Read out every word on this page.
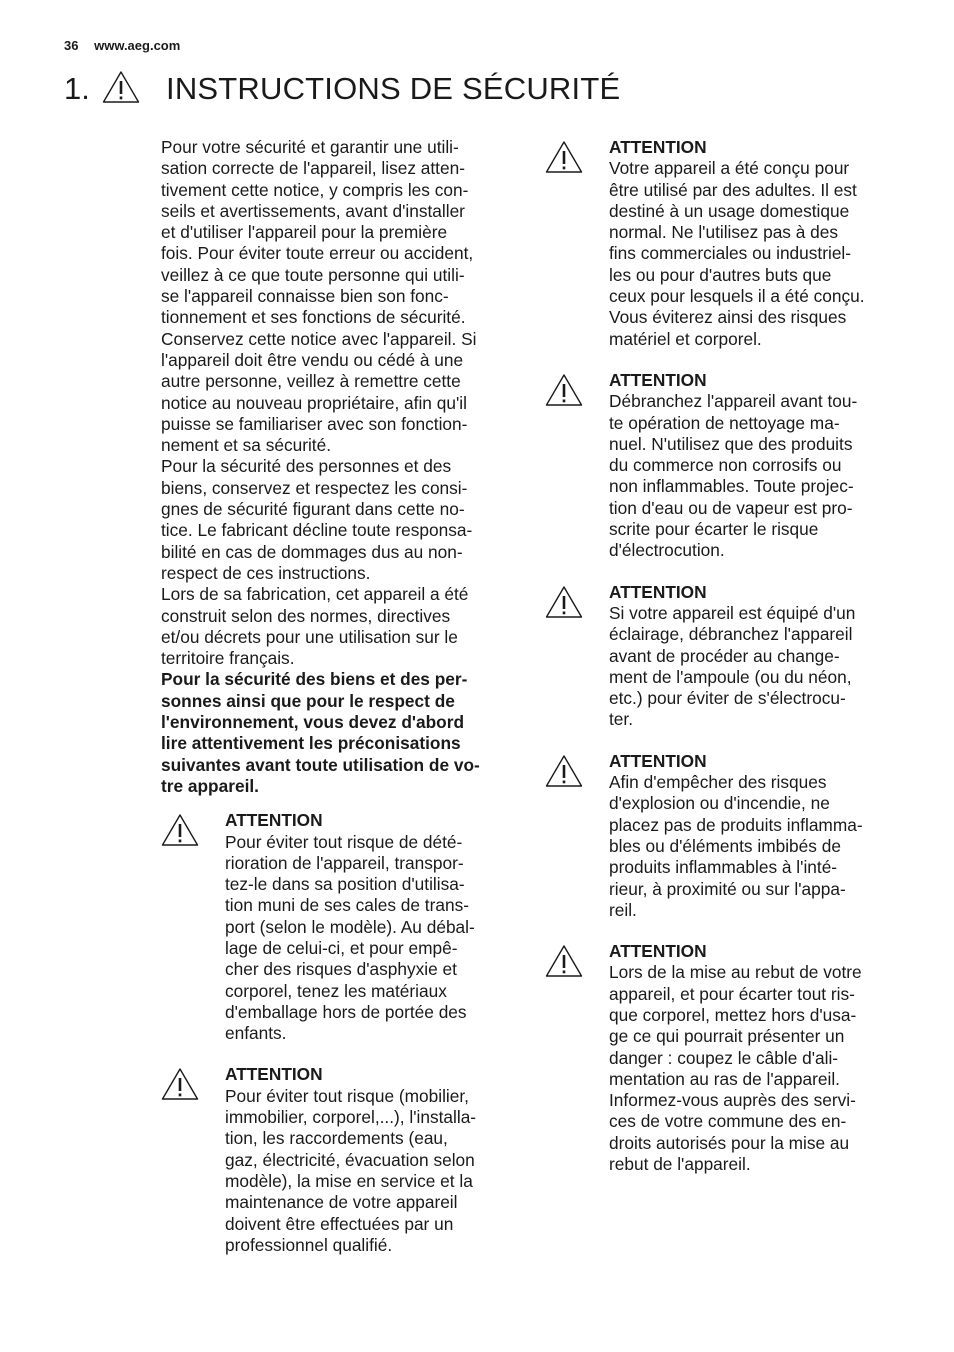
36 www.aeg.com
1.	INSTRUCTIONS DE SÉCURITÉ
Pour votre sécurité et garantir une utili-
sation correcte de l'appareil, lisez atten-
tivement cette notice, y compris les con-
seils et avertissements, avant d'installer
et d'utiliser l'appareil pour la première
fois. Pour éviter toute erreur ou accident,
veillez à ce que toute personne qui utili-
se l'appareil connaisse bien son fonc-
tionnement et ses fonctions de sécurité.
Conservez cette notice avec l'appareil. Si
l'appareil doit être vendu ou cédé à une
autre personne, veillez à remettre cette
notice au nouveau propriétaire, afin qu'il
puisse se familiariser avec son fonction-
nement et sa sécurité.
Pour la sécurité des personnes et des
biens, conservez et respectez les consi-
gnes de sécurité figurant dans cette no-
tice. Le fabricant décline toute responsa-
bilité en cas de dommages dus au non-
respect de ces instructions.
Lors de sa fabrication, cet appareil a été
construit selon des normes, directives
et/ou décrets pour une utilisation sur le
territoire français.
Pour la sécurité des biens et des per-
sonnes ainsi que pour le respect de
l'environnement, vous devez d'abord
lire attentivement les préconisations
suivantes avant toute utilisation de vo-
tre appareil.
ATTENTION
Pour éviter tout risque de dété-
rioration de l'appareil, transpor-
tez-le dans sa position d'utilisa-
tion muni de ses cales de trans-
port (selon le modèle). Au débal-
lage de celui-ci, et pour empê-
cher des risques d'asphyxie et
corporel, tenez les matériaux
d'emballage hors de portée des
enfants.
ATTENTION
Pour éviter tout risque (mobilier,
immobilier, corporel,...), l'installa-
tion, les raccordements (eau,
gaz, électricité, évacuation selon
modèle), la mise en service et la
maintenance de votre appareil
doivent être effectuées par un
professionnel qualifié.
ATTENTION
Votre appareil a été conçu pour
être utilisé par des adultes. Il est
destiné à un usage domestique
normal. Ne l'utilisez pas à des
fins commerciales ou industriel-
les ou pour d'autres buts que
ceux pour lesquels il a été conçu.
Vous éviterez ainsi des risques
matériel et corporel.
ATTENTION
Débranchez l'appareil avant tou-
te opération de nettoyage ma-
nuel. N'utilisez que des produits
du commerce non corrosifs ou
non inflammables. Toute projec-
tion d'eau ou de vapeur est pro-
scrite pour écarter le risque
d'électrocution.
ATTENTION
Si votre appareil est équipé d'un
éclairage, débranchez l'appareil
avant de procéder au change-
ment de l'ampoule (ou du néon,
etc.) pour éviter de s'électrocu-
ter.
ATTENTION
Afin d'empêcher des risques
d'explosion ou d'incendie, ne
placez pas de produits inflamma-
bles ou d'éléments imbibés de
produits inflammables à l'inté-
rieur, à proximité ou sur l'appa-
reil.
ATTENTION
Lors de la mise au rebut de votre
appareil, et pour écarter tout ris-
que corporel, mettez hors d'usa-
ge ce qui pourrait présenter un
danger : coupez le câble d'ali-
mentation au ras de l'appareil.
Informez-vous auprès des servi-
ces de votre commune des en-
droits autorisés pour la mise au
rebut de l'appareil.
